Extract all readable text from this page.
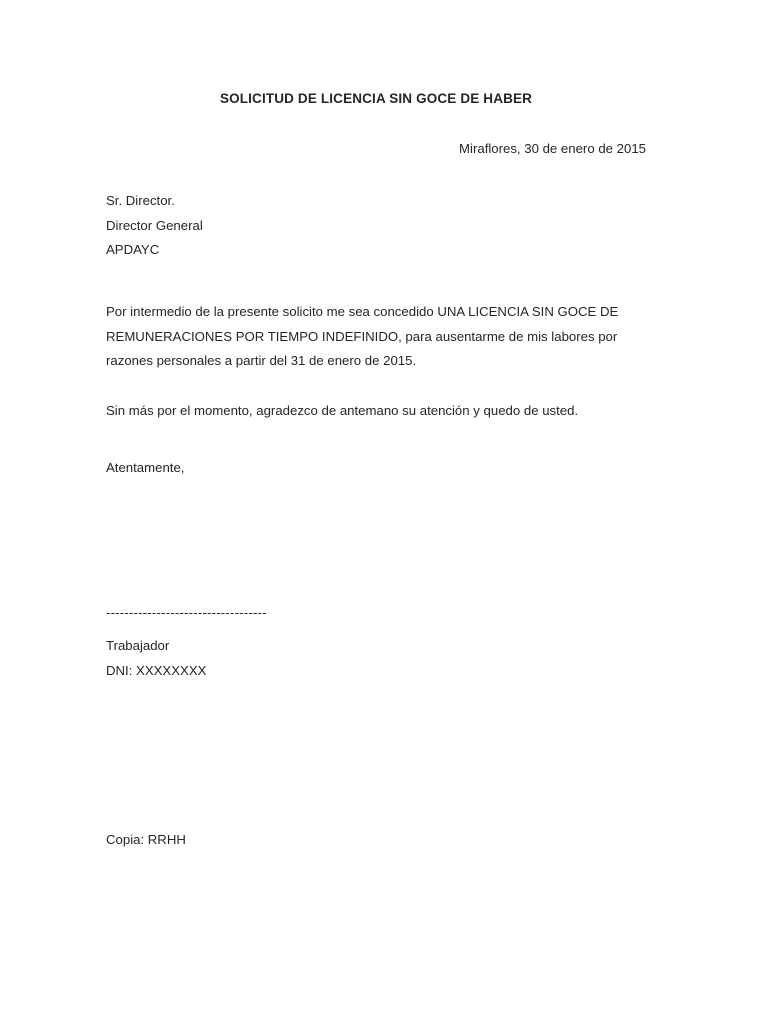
SOLICITUD DE LICENCIA SIN GOCE DE HABER
Miraflores, 30 de enero de 2015
Sr. Director.
Director General
APDAYC

Por intermedio de la presente solicito me sea concedido UNA LICENCIA SIN GOCE DE REMUNERACIONES POR TIEMPO INDEFINIDO, para ausentarme de mis labores por razones personales a partir del 31 de enero de 2015.

Sin más por el momento, agradezco de antemano su atención y quedo de usted.

Atentamente,
-----------------------------------
Trabajador
DNI: XXXXXXXX
Copia: RRHH
